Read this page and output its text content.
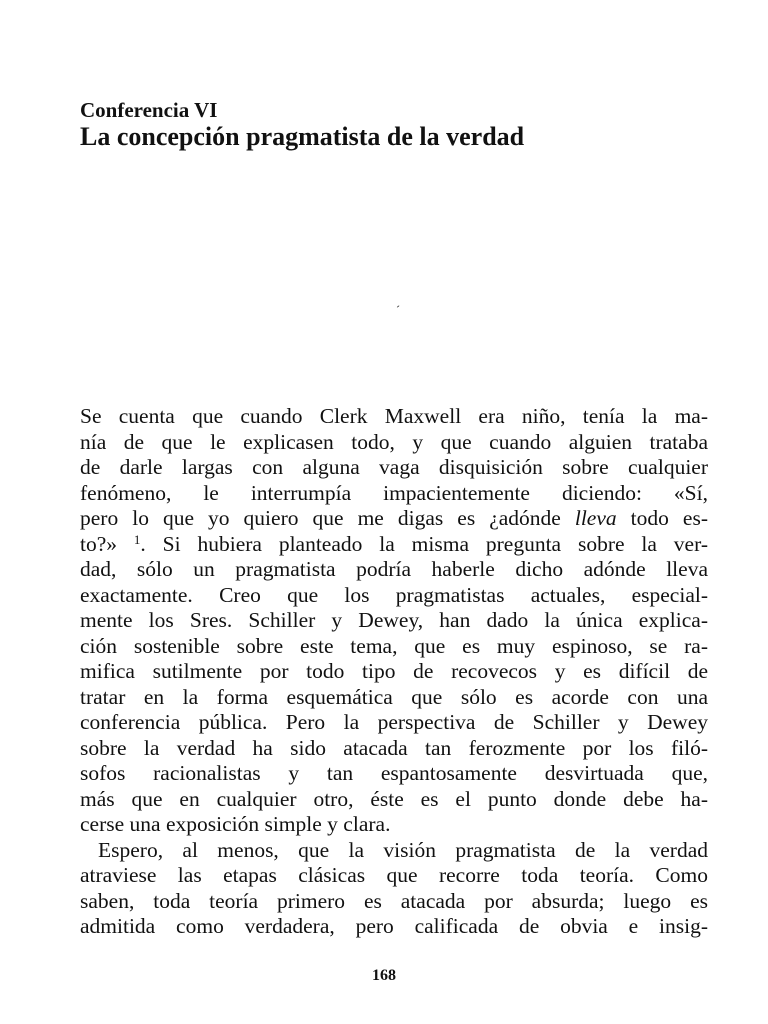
Conferencia VI

La concepción pragmatista de la verdad

´
Se cuenta que cuando Clerk Maxwell era niño, tenía la ma-
nía de que le explicasen todo, y que cuando alguien trataba
de darle largas con alguna vaga disquisición sobre cualquier
fenómeno, le interrumpía impacientemente diciendo: «Sí,
pero lo que yo quiero que me digas es ¿adónde lleva todo es-
to?» $^1$. Si hubiera planteado la misma pregunta sobre la ver-
dad, sólo un pragmatista podría haberle dicho adónde lleva
exactamente. Creo que los pragmatistas actuales, especial-
mente los Sres. Schiller y Dewey, han dado la única explica-
ción sostenible sobre este tema, que es muy espinoso, se ra-
mifica sutilmente por todo tipo de recovecos y es difícil de
tratar en la forma esquemática que sólo es acorde con una
conferencia pública. Pero la perspectiva de Schiller y Dewey
sobre la verdad ha sido atacada tan ferozmente por los filó-
sofos racionalistas y tan espantosamente desvirtuada que,
más que en cualquier otro, éste es el punto donde debe ha-
cerse una exposición simple y clara.
Espero, al menos, que la visión pragmatista de la verdad
atraviese las etapas clásicas que recorre toda teoría. Como
saben, toda teoría primero es atacada por absurda; luego es
admitida como verdadera, pero calificada de obvia e insig-
168
